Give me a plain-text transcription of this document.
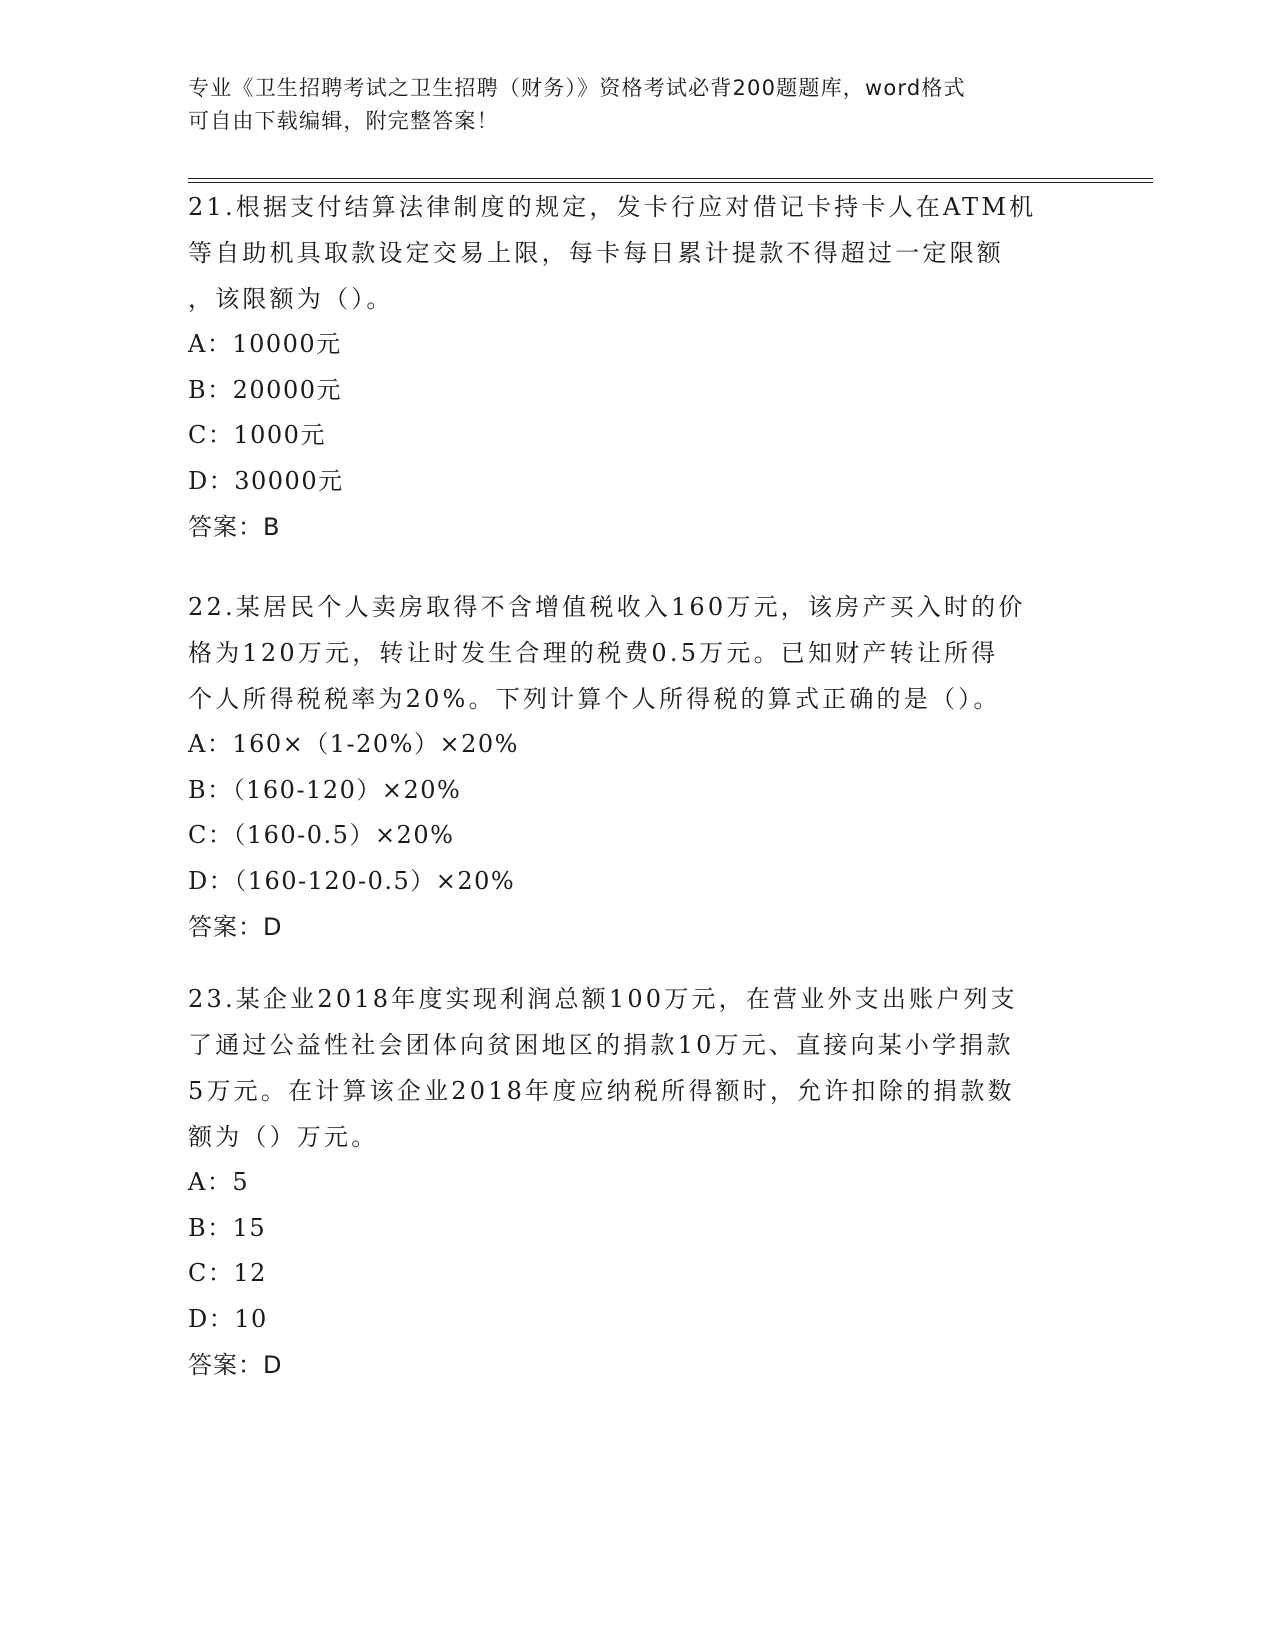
专业《卫生招聘考试之卫生招聘（财务）》资格考试必背200题题库，word格式
可自由下载编辑，附完整答案！

21.根据支付结算法律制度的规定，发卡行应对借记卡持卡人在ATM机

等自助机具取款设定交易上限，每卡每日累计提款不得超过一定限额

，该限额为（）。

A：10000元

B：20000元

C：1000元

D：30000元

答案：B

22.某居民个人卖房取得不含增值税收入160万元，该房产买入时的价

格为120万元，转让时发生合理的税费0.5万元。已知财产转让所得

个人所得税税率为20%。下列计算个人所得税的算式正确的是（）。

A：160×（1-20%）×20%

B：（160-120）×20%

C：（160-0.5）×20%

D：（160-120-0.5）×20%

答案：D

23.某企业2018年度实现利润总额100万元，在营业外支出账户列支

了通过公益性社会团体向贫困地区的捐款10万元、直接向某小学捐款

5万元。在计算该企业2018年度应纳税所得额时，允许扣除的捐款数

额为（）万元。

A：5

B：15

C：12

D：10

答案：D
